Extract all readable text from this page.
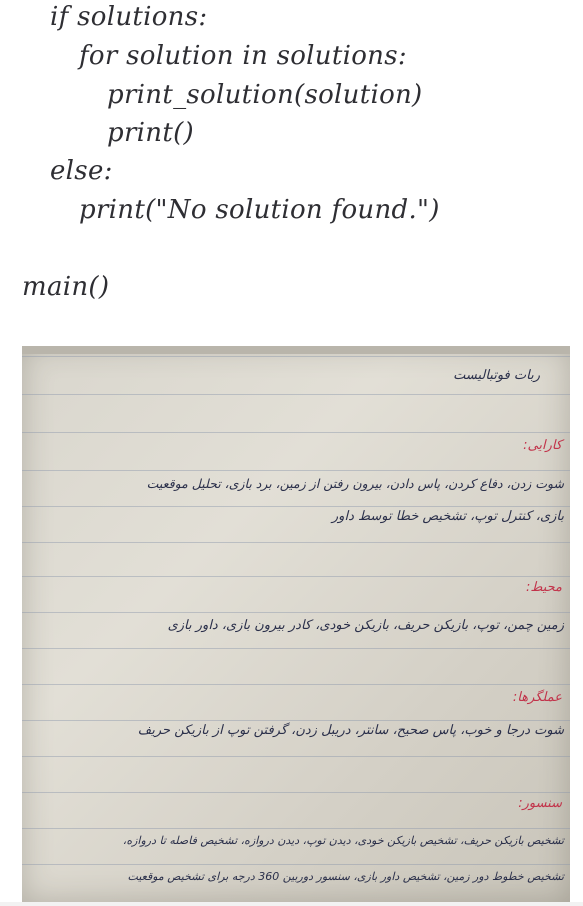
if solutions:
for solution in solutions:
print_solution(solution)
print()
else:
print("No solution found.")
main()
ربات فوتبالیست
کارایی:
شوت زدن، دفاع کردن، پاس دادن، بیرون رفتن از زمین، برد بازی، تحلیل موقعیت
بازی، کنترل توپ، تشخیص خطا توسط داور
محیط:
زمین چمن، توپ، بازیکن حریف، بازیکن خودی، کادر بیرون بازی، داور بازی
عملگرها:
شوت درجا و خوب، پاس صحیح، سانتر، دریبل زدن، گرفتن توپ از بازیکن حریف
سنسور:
تشخیص بازیکن حریف، تشخیص بازیکن خودی، دیدن توپ، دیدن دروازه، تشخیص فاصله تا دروازه،
تشخیص خطوط دور زمین، تشخیص داور بازی، سنسور دوربین 360 درجه برای تشخیص موقعیت
